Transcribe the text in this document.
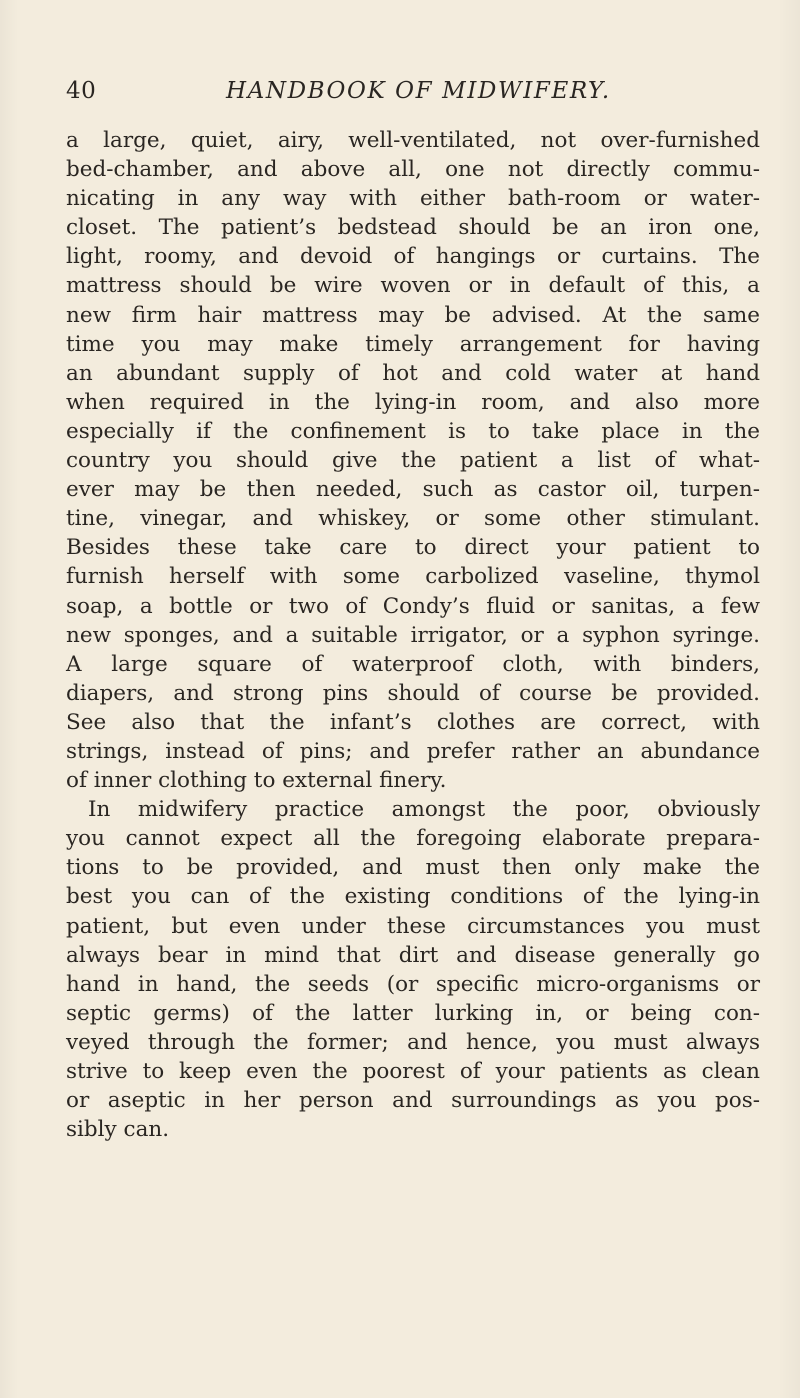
40	HANDBOOK OF MIDWIFERY.
a large, quiet, airy, well-ventilated, not over-furnished
bed-chamber, and above all, one not directly commu-
nicating in any way with either bath-room or water-
closet. The patient’s bedstead should be an iron one,
light, roomy, and devoid of hangings or curtains. The
mattress should be wire woven or in default of this, a
new firm hair mattress may be advised. At the same
time you may make timely arrangement for having
an abundant supply of hot and cold water at hand
when required in the lying-in room, and also more
especially if the confinement is to take place in the
country you should give the patient a list of what-
ever may be then needed, such as castor oil, turpen-
tine, vinegar, and whiskey, or some other stimulant.
Besides these take care to direct your patient to
furnish herself with some carbolized vaseline, thymol
soap, a bottle or two of Condy’s fluid or sanitas, a few
new sponges, and a suitable irrigator, or a syphon syringe.
A large square of waterproof cloth, with binders,
diapers, and strong pins should of course be provided.
See also that the infant’s clothes are correct, with
strings, instead of pins; and prefer rather an abundance
of inner clothing to external finery.
In midwifery practice amongst the poor, obviously
you cannot expect all the foregoing elaborate prepara-
tions to be provided, and must then only make the
best you can of the existing conditions of the lying-in
patient, but even under these circumstances you must
always bear in mind that dirt and disease generally go
hand in hand, the seeds (or specific micro-organisms or
septic germs) of the latter lurking in, or being con-
veyed through the former; and hence, you must always
strive to keep even the poorest of your patients as clean
or aseptic in her person and surroundings as you pos-
sibly can.
